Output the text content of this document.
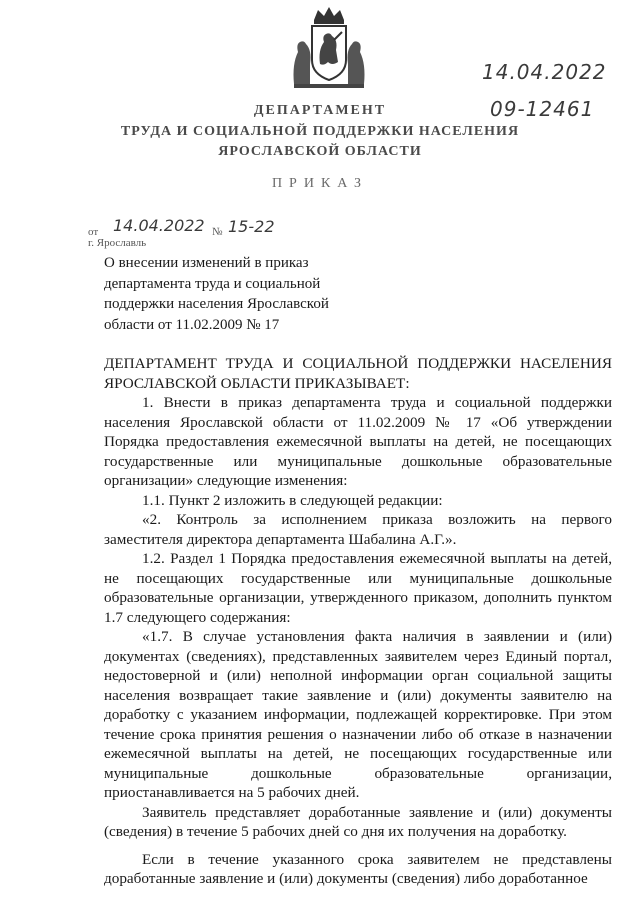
14.04.2022
09-12461
ДЕПАРТАМЕНТ
ТРУДА И СОЦИАЛЬНОЙ ПОДДЕРЖКИ НАСЕЛЕНИЯ
ЯРОСЛАВСКОЙ ОБЛАСТИ
ПРИКАЗ
от 14.04.2022 № 15-22
г. Ярославль
О внесении изменений в приказ
департамента труда и социальной
поддержки населения Ярославской
области от 11.02.2009 № 17

ДЕПАРТАМЕНТ ТРУДА И СОЦИАЛЬНОЙ ПОДДЕРЖКИ НАСЕЛЕНИЯ ЯРОСЛАВСКОЙ ОБЛАСТИ ПРИКАЗЫВАЕТ:

1. Внести в приказ департамента труда и социальной поддержки населения Ярославской области от 11.02.2009 № 17 «Об утверждении Порядка предоставления ежемесячной выплаты на детей, не посещающих государственные или муниципальные дошкольные образовательные организации» следующие изменения:

1.1. Пункт 2 изложить в следующей редакции:

«2. Контроль за исполнением приказа возложить на первого заместителя директора департамента Шабалина А.Г.».

1.2. Раздел 1 Порядка предоставления ежемесячной выплаты на детей, не посещающих государственные или муниципальные дошкольные образовательные организации, утвержденного приказом, дополнить пунктом 1.7 следующего содержания:

«1.7. В случае установления факта наличия в заявлении и (или) документах (сведениях), представленных заявителем через Единый портал, недостоверной и (или) неполной информации орган социальной защиты населения возвращает такие заявление и (или) документы заявителю на доработку с указанием информации, подлежащей корректировке. При этом течение срока принятия решения о назначении либо об отказе в назначении ежемесячной выплаты на детей, не посещающих государственные или муниципальные дошкольные образовательные организации, приостанавливается на 5 рабочих дней.

Заявитель представляет доработанные заявление и (или) документы (сведения) в течение 5 рабочих дней со дня их получения на доработку.

Если в течение указанного срока заявителем не представлены доработанные заявление и (или) документы (сведения) либо доработанное
